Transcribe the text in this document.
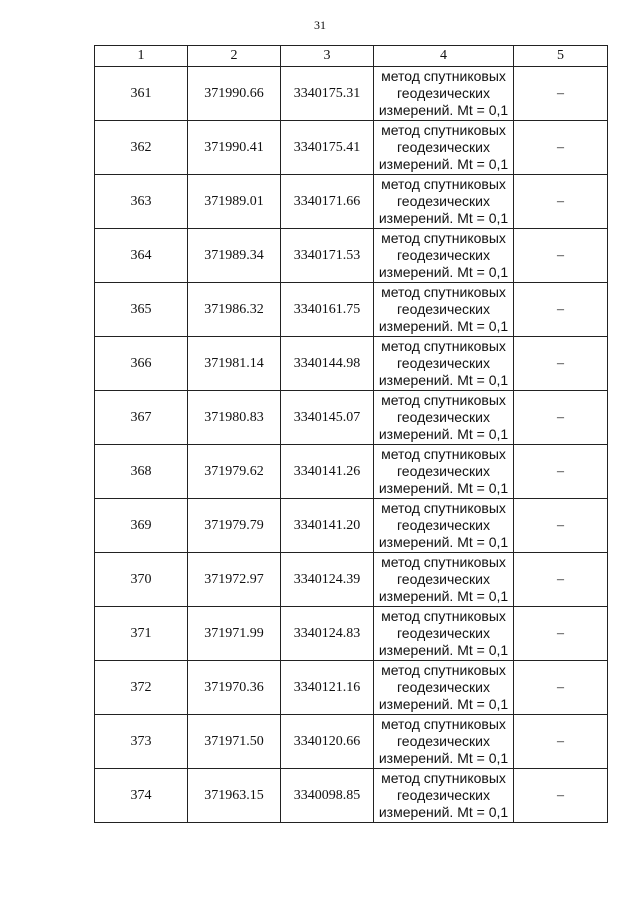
31
1	2	3	4	5
361	371990.66	3340175.31	метод спутниковых
геодезических
измерений. Mt = 0,1	–
362	371990.41	3340175.41	метод спутниковых
геодезических
измерений. Mt = 0,1	–
363	371989.01	3340171.66	метод спутниковых
геодезических
измерений. Mt = 0,1	–
364	371989.34	3340171.53	метод спутниковых
геодезических
измерений. Mt = 0,1	–
365	371986.32	3340161.75	метод спутниковых
геодезических
измерений. Mt = 0,1	–
366	371981.14	3340144.98	метод спутниковых
геодезических
измерений. Mt = 0,1	–
367	371980.83	3340145.07	метод спутниковых
геодезических
измерений. Mt = 0,1	–
368	371979.62	3340141.26	метод спутниковых
геодезических
измерений. Mt = 0,1	–
369	371979.79	3340141.20	метод спутниковых
геодезических
измерений. Mt = 0,1	–
370	371972.97	3340124.39	метод спутниковых
геодезических
измерений. Mt = 0,1	–
371	371971.99	3340124.83	метод спутниковых
геодезических
измерений. Mt = 0,1	–
372	371970.36	3340121.16	метод спутниковых
геодезических
измерений. Mt = 0,1	–
373	371971.50	3340120.66	метод спутниковых
геодезических
измерений. Mt = 0,1	–
374	371963.15	3340098.85	метод спутниковых
геодезических
измерений. Mt = 0,1	–
